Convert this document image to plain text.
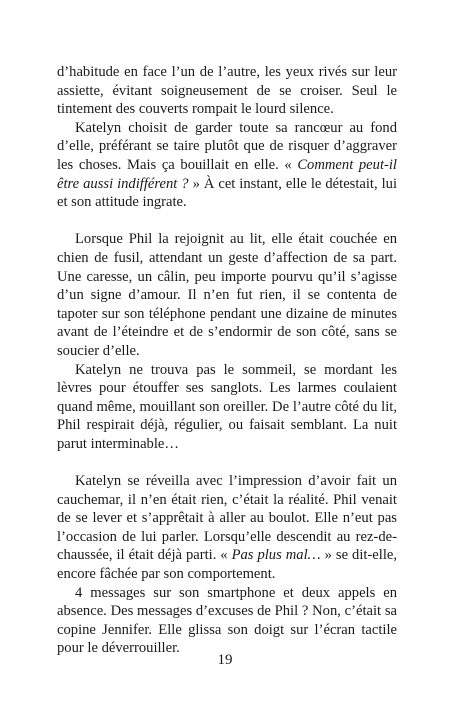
d’habitude en face l’un de l’autre, les yeux rivés sur leur assiette, évitant soigneusement de se croiser. Seul le tintement des couverts rompait le lourd silence.

Katelyn choisit de garder toute sa rancœur au fond d’elle, préférant se taire plutôt que de risquer d’aggraver les choses. Mais ça bouillait en elle. « Comment peut-il être aussi indifférent ? » À cet instant, elle le détestait, lui et son attitude ingrate.

Lorsque Phil la rejoignit au lit, elle était couchée en chien de fusil, attendant un geste d’affection de sa part. Une caresse, un câlin, peu importe pourvu qu’il s’agisse d’un signe d’amour. Il n’en fut rien, il se contenta de tapoter sur son téléphone pendant une dizaine de minutes avant de l’éteindre et de s’endormir de son côté, sans se soucier d’elle.

Katelyn ne trouva pas le sommeil, se mordant les lèvres pour étouffer ses sanglots. Les larmes coulaient quand même, mouillant son oreiller. De l’autre côté du lit, Phil respirait déjà, régulier, ou faisait semblant. La nuit parut interminable…

Katelyn se réveilla avec l’impression d’avoir fait un cauchemar, il n’en était rien, c’était la réalité. Phil venait de se lever et s’apprêtait à aller au boulot. Elle n’eut pas l’occasion de lui parler. Lorsqu’elle descendit au rez-de-chaussée, il était déjà parti. « Pas plus mal… » se dit-elle, encore fâchée par son comportement.

4 messages sur son smartphone et deux appels en absence. Des messages d’excuses de Phil ? Non, c’était sa copine Jennifer. Elle glissa son doigt sur l’écran tactile pour le déverrouiller.

19
